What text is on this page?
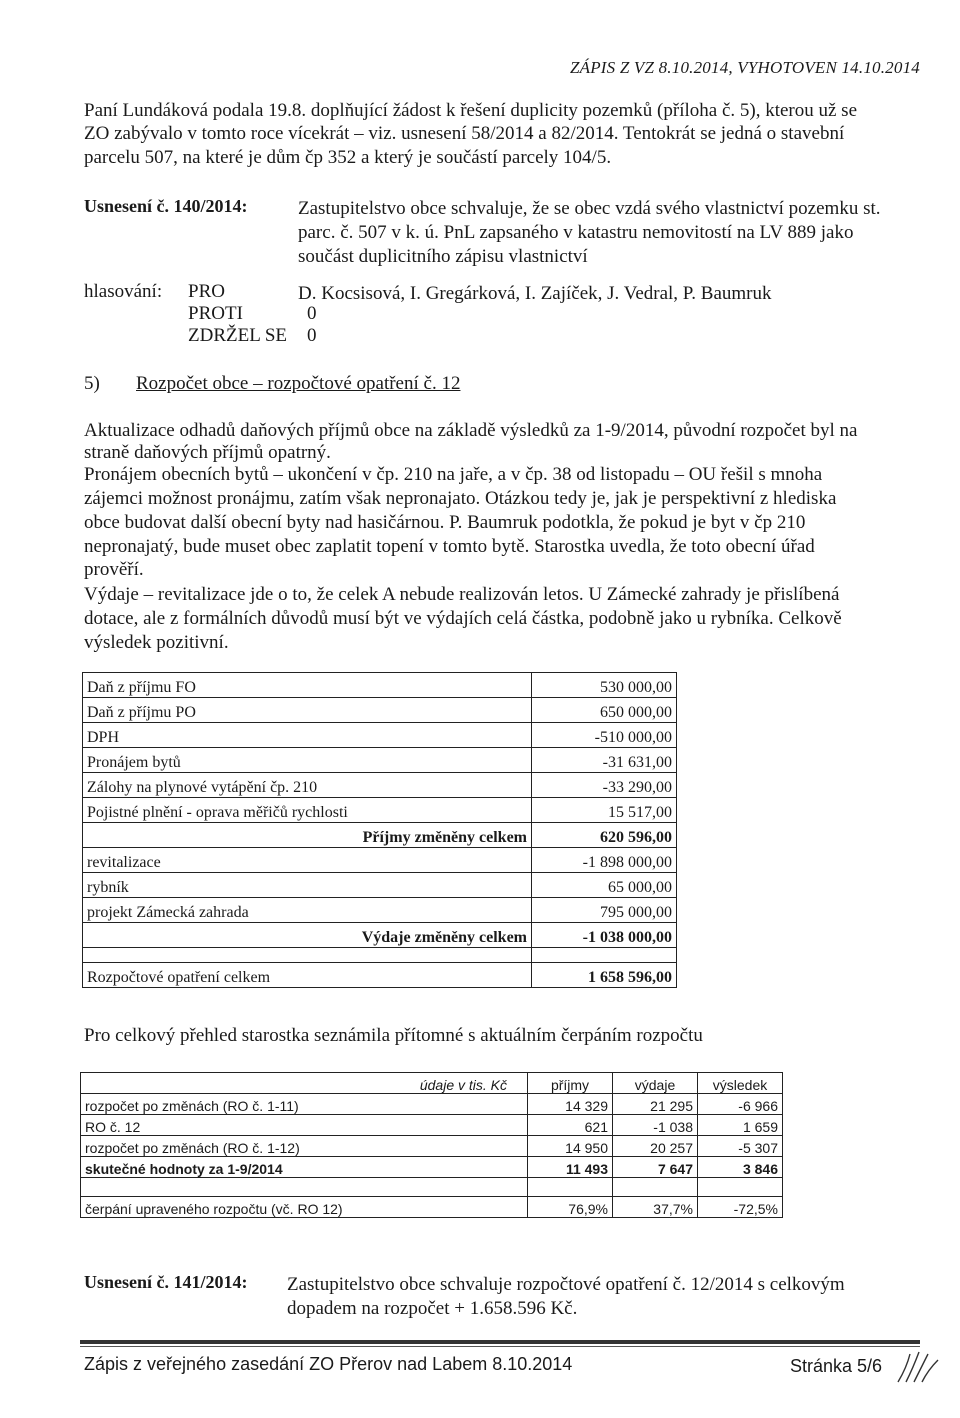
ZÁPIS Z VZ 8.10.2014, VYHOTOVEN 14.10.2014

Paní Lundáková podala 19.8. doplňující žádost k řešení duplicity pozemků (příloha č. 5), kterou už se

ZO zabývalo v tomto roce vícekrát – viz. usnesení 58/2014 a 82/2014. Tentokrát se jedná o stavební

parcelu 507, na které je dům čp 352 a který je součástí parcely 104/5.

Usnesení č. 140/2014:	Zastupitelstvo obce schvaluje, že se obec vzdá svého vlastnictví pozemku st.

parc. č. 507 v k. ú. PnL zapsaného v katastru nemovitostí na LV 889 jako

součást duplicitního zápisu vlastnictví

hlasování: PRO	D. Kocsisová, I. Gregárková, I. Zajíček, J. Vedral, P. Baumruk
PROTI	0
ZDRŽEL SE 0
5) Rozpočet obce – rozpočtové opatření č. 12

Aktualizace odhadů daňových příjmů obce na základě výsledků za 1-9/2014, původní rozpočet byl na

straně daňových příjmů opatrný.

Pronájem obecních bytů – ukončení v čp. 210 na jaře, a v čp. 38 od listopadu – OU řešil s mnoha

zájemci možnost pronájmu, zatím však nepronajato. Otázkou tedy je, jak je perspektivní z hlediska

obce budovat další obecní byty nad hasičárnou. P. Baumruk podotkla, že pokud je byt v čp 210

nepronajatý, bude muset obec zaplatit topení v tomto bytě. Starostka uvedla, že toto obecní úřad

prověří.

Výdaje – revitalizace jde o to, že celek A nebude realizován letos. U Zámecké zahrady je přislíbená

dotace, ale z formálních důvodů musí být ve výdajích celá částka, podobně jako u rybníka. Celkově

výsledek pozitivní.

Daň z příjmu FO	530 000,00
Daň z příjmu PO	650 000,00
DPH	-510 000,00
Pronájem bytů	-31 631,00
Zálohy na plynové vytápění čp. 210	-33 290,00
Pojistné plnění - oprava měřičů rychlosti	15 517,00
Příjmy změněny celkem	620 596,00
revitalizace	-1 898 000,00
rybník	65 000,00
projekt Zámecká zahrada	795 000,00
Výdaje změněny celkem	-1 038 000,00

Rozpočtové opatření celkem	1 658 596,00

Pro celkový přehled starostka seznámila přítomné s aktuálním čerpáním rozpočtu

údaje v tis. Kč	příjmy	výdaje	výsledek
rozpočet po změnách (RO č. 1-11)	14 329	21 295	-6 966
RO č. 12	621	-1 038	1 659
rozpočet po změnách (RO č. 1-12)	14 950	20 257	-5 307
skutečné hodnoty za 1-9/2014	11 493	7 647	3 846

čerpání upraveného rozpočtu (vč. RO 12)	76,9%	37,7%	-72,5%
Usnesení č. 141/2014: Zastupitelstvo obce schvaluje rozpočtové opatření č. 12/2014 s celkovým

dopadem na rozpočet + 1.658.596 Kč.

Zápis z veřejného zasedání ZO Přerov nad Labem 8.10.2014	Stránka 5/6
